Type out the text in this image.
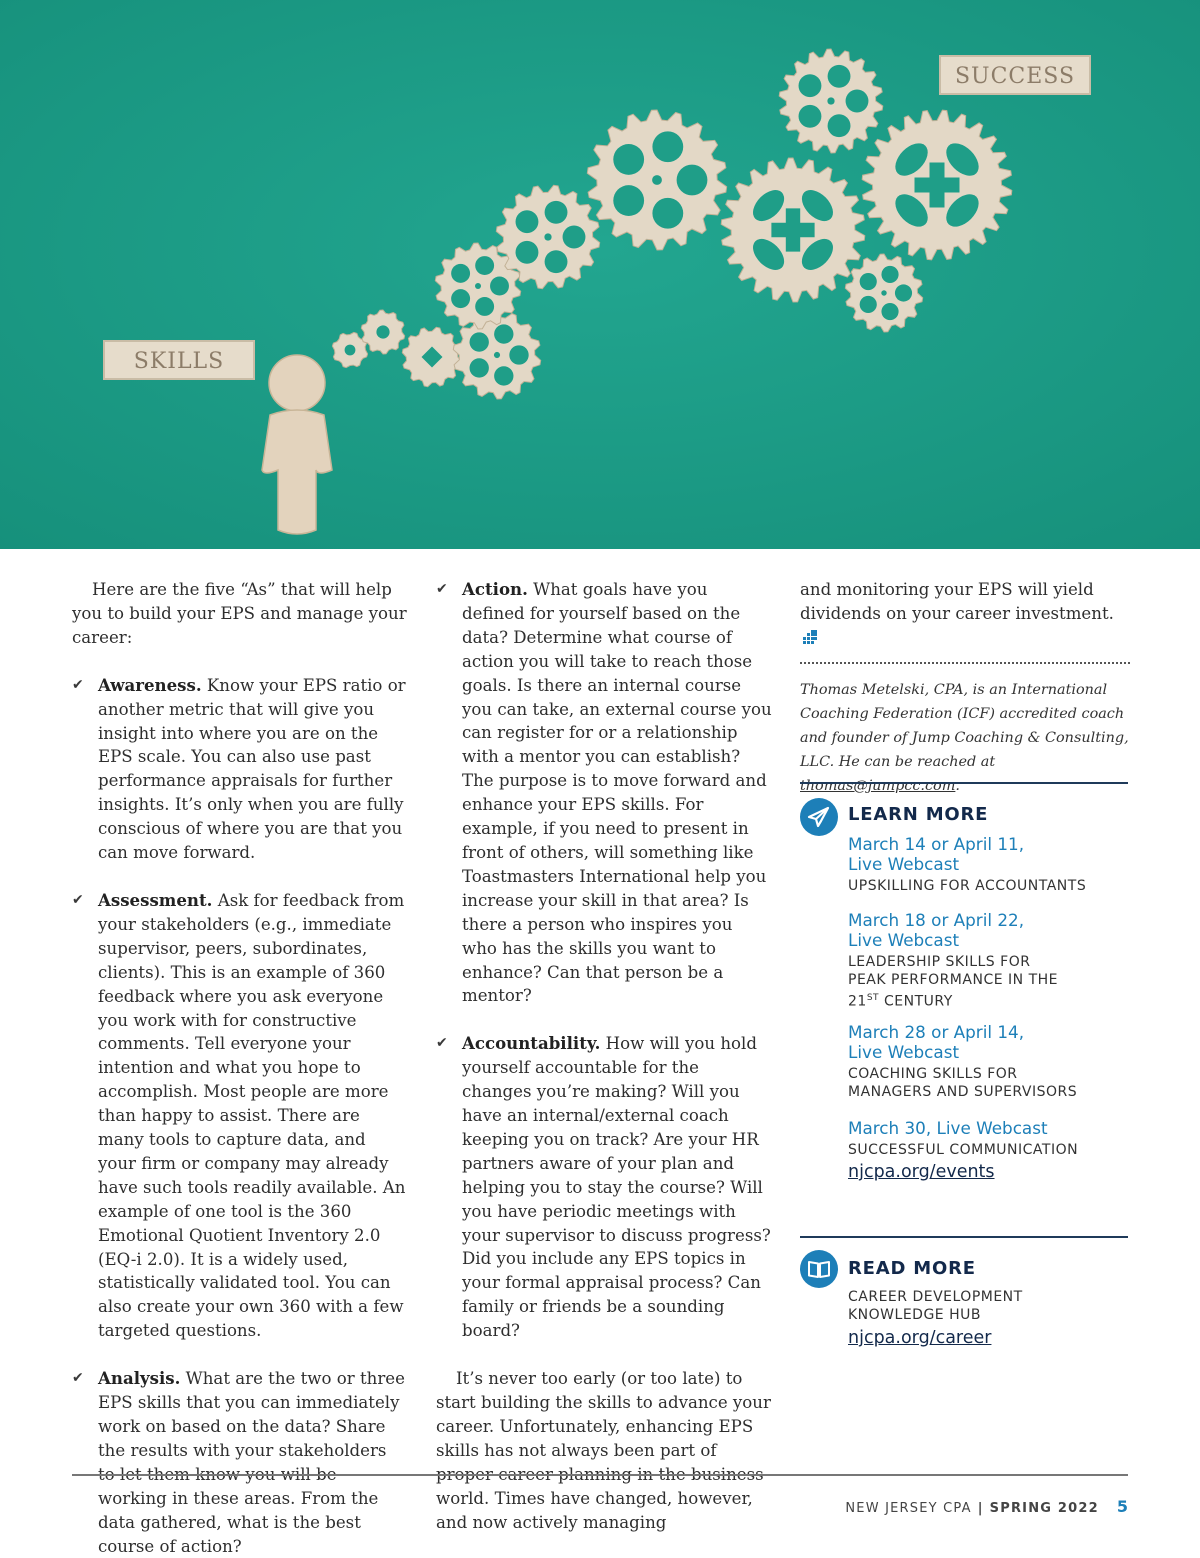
SKILLS
SUCCESS

Here are the five “As” that will help you to build your EPS and manage your career:

✔ Awareness. Know your EPS ratio or another metric that will give you insight into where you are on the EPS scale. You can also use past performance appraisals for further insights. It’s only when you are fully conscious of where you are that you can move forward.

✔ Assessment. Ask for feedback from your stakeholders (e.g., immediate supervisor, peers, subordinates, clients). This is an example of 360 feedback where you ask everyone you work with for constructive comments. Tell everyone your intention and what you hope to accomplish. Most people are more than happy to assist. There are many tools to capture data, and your firm or company may already have such tools readily available. An example of one tool is the 360 Emotional Quotient Inventory 2.0 (EQ-i 2.0). It is a widely used, statistically validated tool. You can also create your own 360 with a few targeted questions.

✔ Analysis. What are the two or three EPS skills that you can immediately work on based on the data? Share the results with your stakeholders to let them know you will be working in these areas. From the data gathered, what is the best course of action?

✔ Action. What goals have you defined for yourself based on the data? Determine what course of action you will take to reach those goals. Is there an internal course you can take, an external course you can register for or a relationship with a mentor you can establish? The purpose is to move forward and enhance your EPS skills. For example, if you need to present in front of others, will something like Toastmasters International help you increase your skill in that area? Is there a person who inspires you who has the skills you want to enhance? Can that person be a mentor?

✔ Accountability. How will you hold yourself accountable for the changes you’re making? Will you have an internal/external coach keeping you on track? Are your HR partners aware of your plan and helping you to stay the course? Will you have periodic meetings with your supervisor to discuss progress? Did you include any EPS topics in your formal appraisal process? Can family or friends be a sounding board?

It’s never too early (or too late) to start building the skills to advance your career. Unfortunately, enhancing EPS skills has not always been part of proper career planning in the business world. Times have changed, however, and now actively managing

and monitoring your EPS will yield dividends on your career investment.

Thomas Metelski, CPA, is an International Coaching Federation (ICF) accredited coach and founder of Jump Coaching & Consulting, LLC. He can be reached at thomas@jumpcc.com.

LEARN MORE
March 14 or April 11,
Live Webcast
UPSKILLING FOR ACCOUNTANTS
March 18 or April 22,
Live Webcast
LEADERSHIP SKILLS FOR
PEAK PERFORMANCE IN THE
21ST CENTURY
March 28 or April 14,
Live Webcast
COACHING SKILLS FOR
MANAGERS AND SUPERVISORS
March 30, Live Webcast
SUCCESSFUL COMMUNICATION
njcpa.org/events
READ MORE
CAREER DEVELOPMENT
KNOWLEDGE HUB
njcpa.org/career
NEW JERSEY CPA | SPRING 2022 5
